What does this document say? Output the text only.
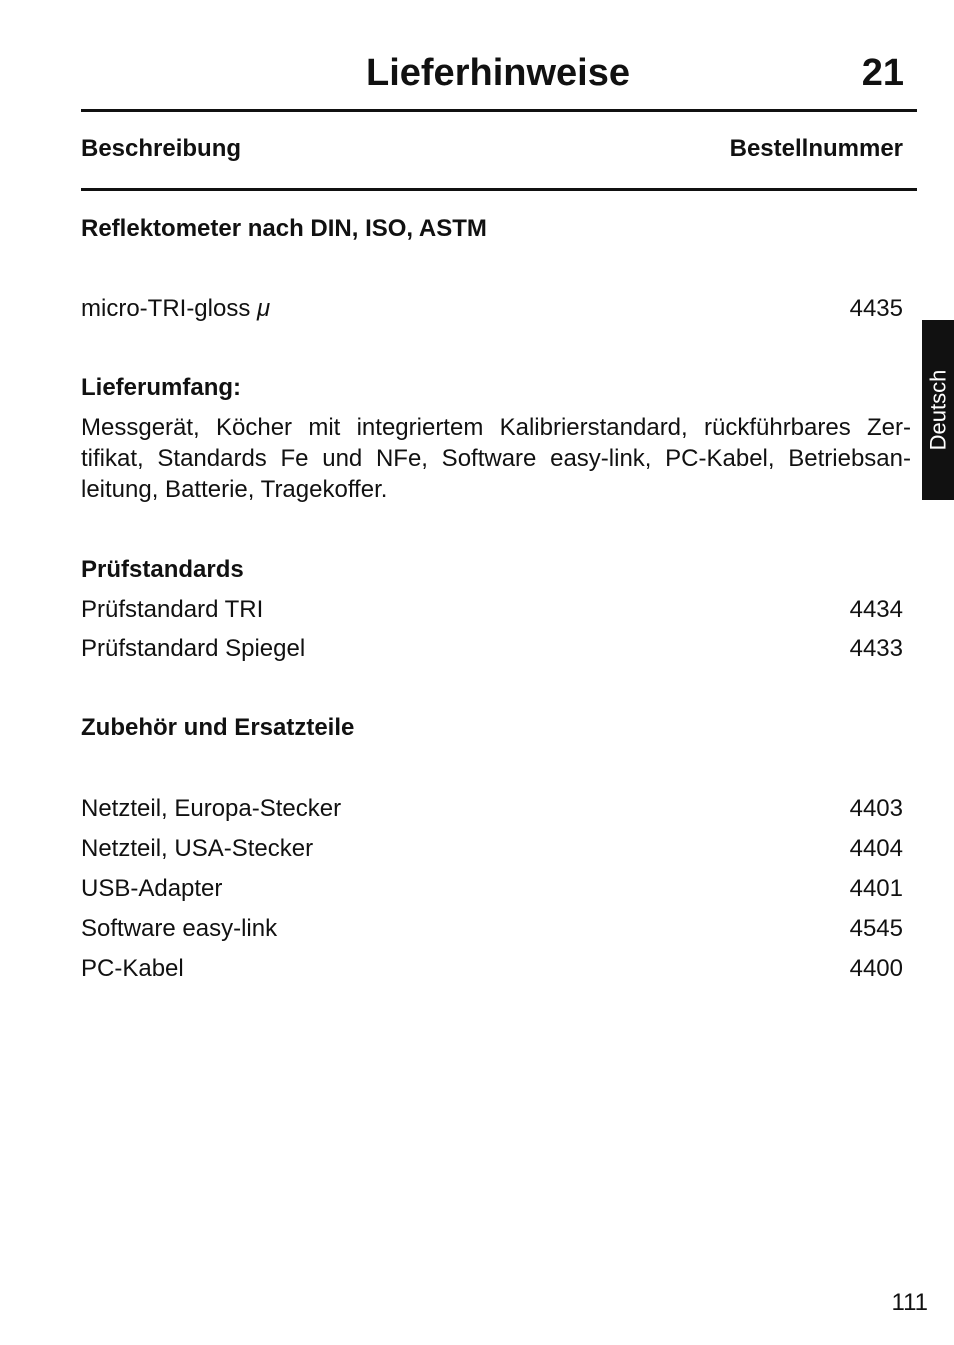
Lieferhinweise	21
Beschreibung	Bestellnummer
Reflektometer nach DIN, ISO, ASTM
micro-TRI-gloss μ	4435
Lieferumfang:
Messgerät, Köcher mit integriertem Kalibrierstandard, rückführbares Zer-
tifikat, Standards Fe und NFe, Software easy-link, PC-Kabel, Betriebsan-
leitung, Batterie, Tragekoffer.
Prüfstandards
Prüfstandard TRI	4434
Prüfstandard Spiegel	4433
Zubehör und Ersatzteile
Netzteil, Europa-Stecker	4403
Netzteil, USA-Stecker	4404
USB-Adapter	4401
Software easy-link	4545
PC-Kabel	4400
Deutsch
111
